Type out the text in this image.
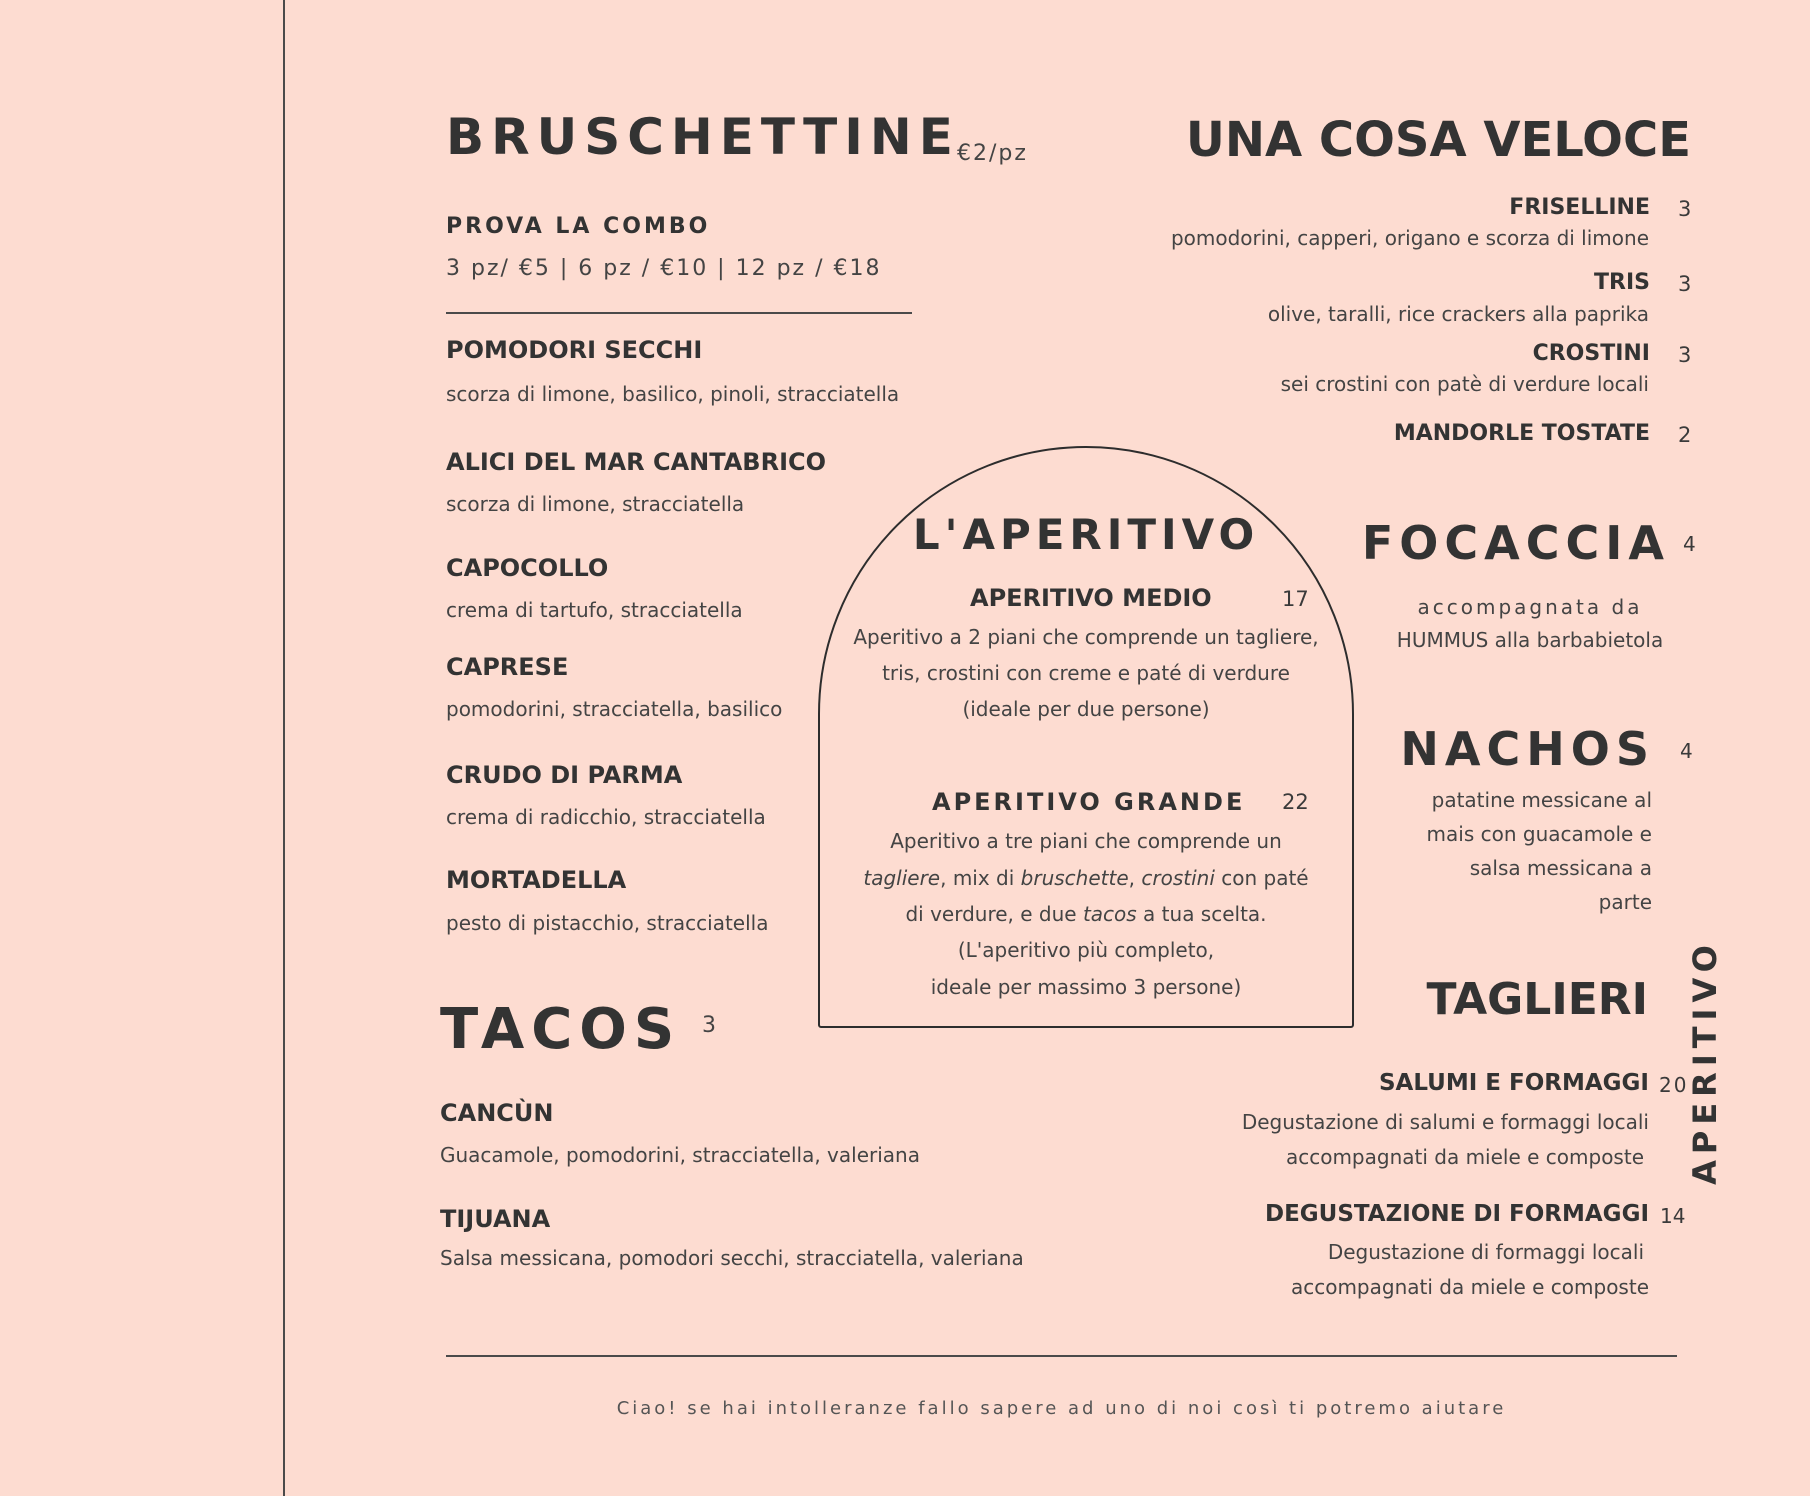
BRUSCHETTINE
€2/pz
PROVA LA COMBO
3 pz/ €5 | 6 pz / €10 | 12 pz / €18
POMODORI SECCHI
scorza di limone, basilico, pinoli, stracciatella
ALICI DEL MAR CANTABRICO
scorza di limone, stracciatella
CAPOCOLLO
crema di tartufo, stracciatella
CAPRESE
pomodorini, stracciatella, basilico
CRUDO DI PARMA
crema di radicchio, stracciatella
MORTADELLA
pesto di pistacchio, stracciatella
TACOS 3
CANCÙN
Guacamole, pomodorini, stracciatella, valeriana
TIJUANA
Salsa messicana, pomodori secchi, stracciatella, valeriana
UNA COSA VELOCE
FRISELLINE 3
pomodorini, capperi, origano e scorza di limone
TRIS 3
olive, taralli, rice crackers alla paprika
CROSTINI 3
sei crostini con patè di verdure locali
MANDORLE TOSTATE 2
L'APERITIVO
APERITIVO MEDIO	17
Aperitivo a 2 piani che comprende un tagliere,
tris, crostini con creme e paté di verdure
(ideale per due persone)
APERITIVO GRANDE 22
Aperitivo a tre piani che comprende un
tagliere, mix di bruschette, crostini con paté
di verdure, e due tacos a tua scelta.
(L'aperitivo più completo,
ideale per massimo 3 persone)
FOCACCIA 4
accompagnata da
HUMMUS alla barbabietola
NACHOS 4
patatine messicane al
mais con guacamole e
salsa messicana a
parte
TAGLIERI
SALUMI E FORMAGGI 20
Degustazione di salumi e formaggi locali
accompagnati da miele e composte
DEGUSTAZIONE DI FORMAGGI 14
Degustazione di formaggi locali
accompagnati da miele e composte
APERITIVO
Ciao! se hai intolleranze fallo sapere ad uno di noi così ti potremo aiutare
